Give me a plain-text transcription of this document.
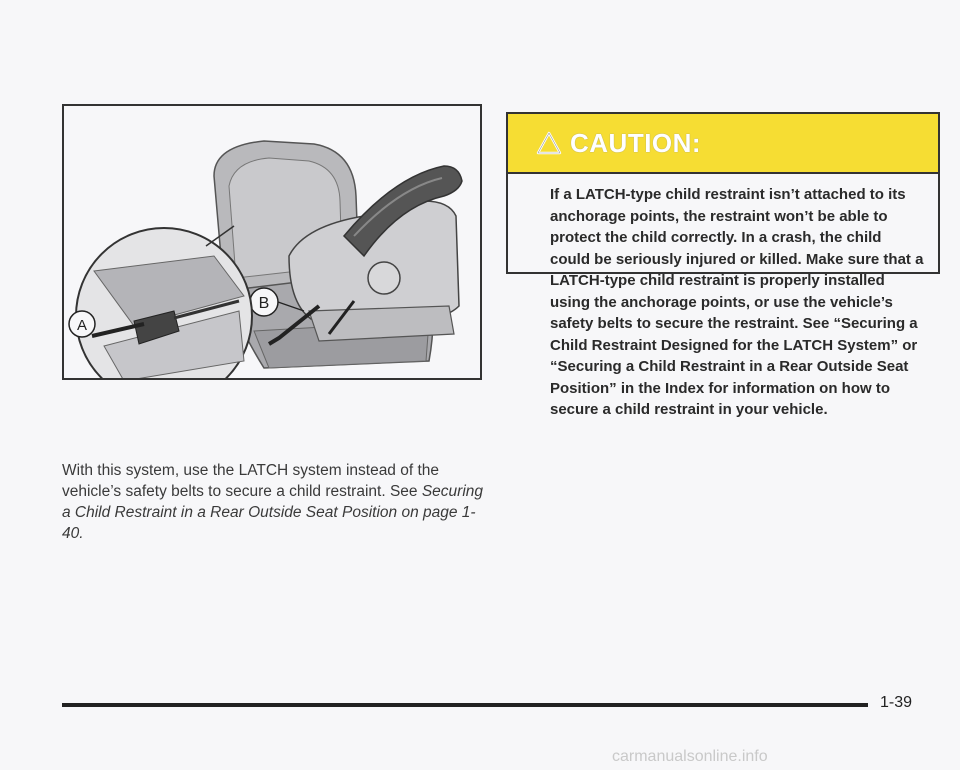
B
A
CAUTION:
If a LATCH-type child restraint isn’t attached to its anchorage points, the restraint won’t be able to protect the child correctly. In a crash, the child could be seriously injured or killed. Make sure that a LATCH-type child restraint is properly installed using the anchorage points, or use the vehicle’s safety belts to secure the restraint. See “Securing a Child Restraint Designed for the LATCH System” or “Securing a Child Restraint in a Rear Outside Seat Position” in the Index for information on how to secure a child restraint in your vehicle.
With this system, use the LATCH system instead of the vehicle’s safety belts to secure a child restraint. See Securing a Child Restraint in a Rear Outside Seat Position on page 1-40.
1-39
carmanualsonline.info
